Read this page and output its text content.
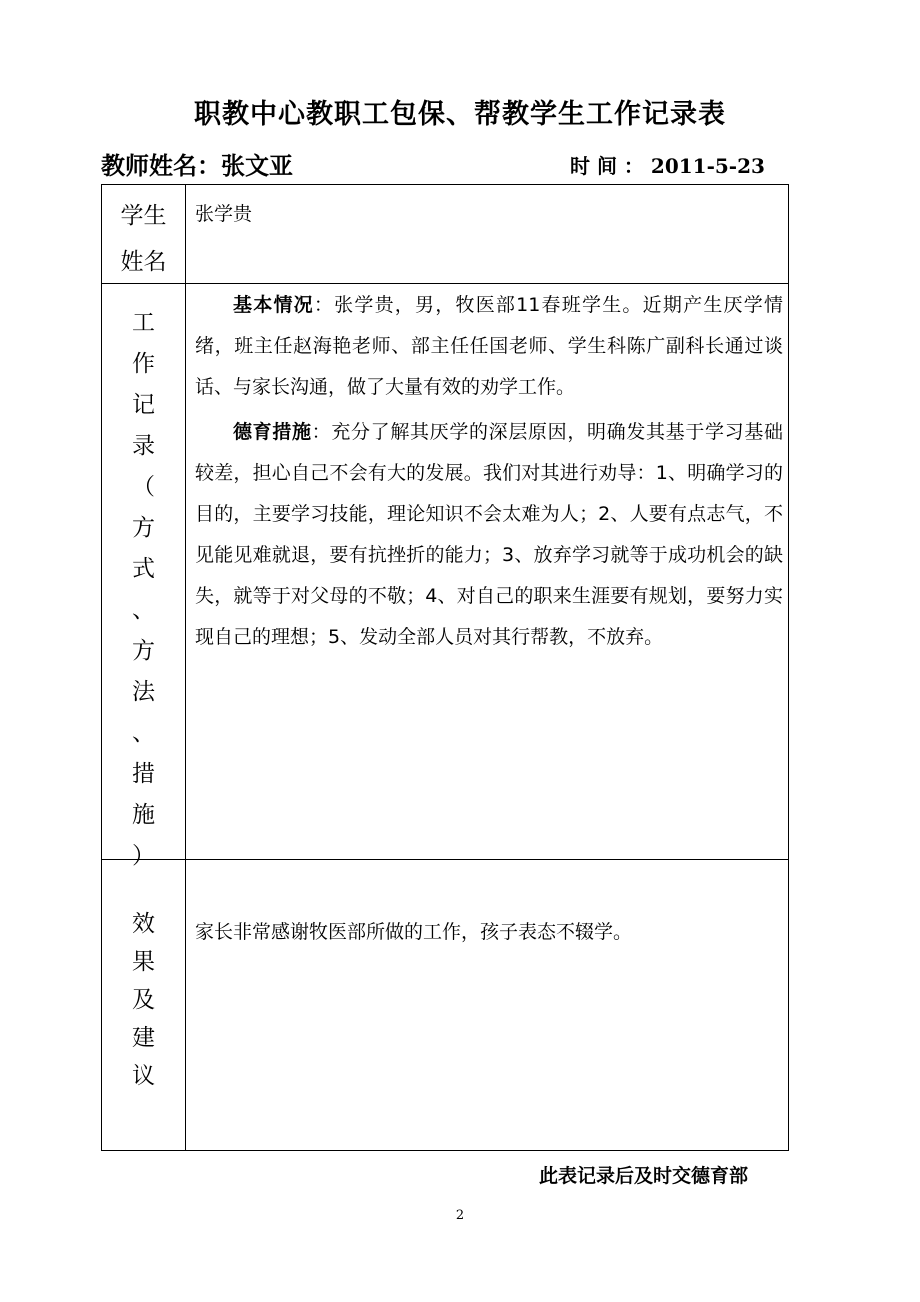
职教中心教职工包保、帮教学生工作记录表
教师姓名：张文亚	时 间 ： 2011-5-23
学生
姓名
张学贵
工
作
记
录
（
方
式
、
方
法
、
措
施
）

基本情况：张学贵，男，牧医部11春班学生。近期产生厌学情绪，班主任赵海艳老师、部主任任国老师、学生科陈广副科长通过谈话、与家长沟通，做了大量有效的劝学工作。

德育措施：充分了解其厌学的深层原因，明确发其基于学习基础较差，担心自己不会有大的发展。我们对其进行劝导：1、明确学习的目的，主要学习技能，理论知识不会太难为人；2、人要有点志气，不见能见难就退，要有抗挫折的能力；3、放弃学习就等于成功机会的缺失，就等于对父母的不敬；4、对自己的职来生涯要有规划，要努力实现自己的理想；5、发动全部人员对其行帮教，不放弃。

效
果
及
建
议
家长非常感谢牧医部所做的工作，孩子表态不辍学。
此表记录后及时交德育部
2
